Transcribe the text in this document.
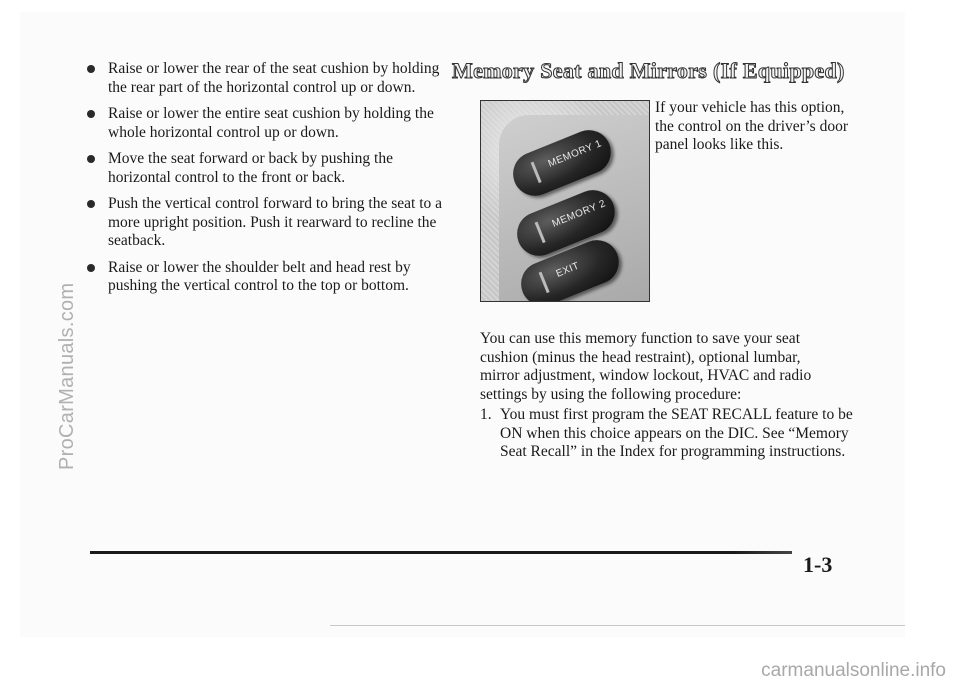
ProCarManuals.com
Raise or lower the rear of the seat cushion by holding the rear part of the horizontal control up or down.
Raise or lower the entire seat cushion by holding the whole horizontal control up or down.
Move the seat forward or back by pushing the horizontal control to the front or back.
Push the vertical control forward to bring the seat to a more upright position. Push it rearward to recline the seatback.
Raise or lower the shoulder belt and head rest by pushing the vertical control to the top or bottom.
Memory Seat and Mirrors (If Equipped)
MEMORY 1
MEMORY 2
EXIT
If your vehicle has this option, the control on the driver’s door panel looks like this.
You can use this memory function to save your seat cushion (minus the head restraint), optional lumbar, mirror adjustment, window lockout, HVAC and radio settings by using the following procedure:
1. You must first program the SEAT RECALL feature to be ON when this choice appears on the DIC. See “Memory Seat Recall” in the Index for programming instructions.
1-3
carmanualsonline.info
